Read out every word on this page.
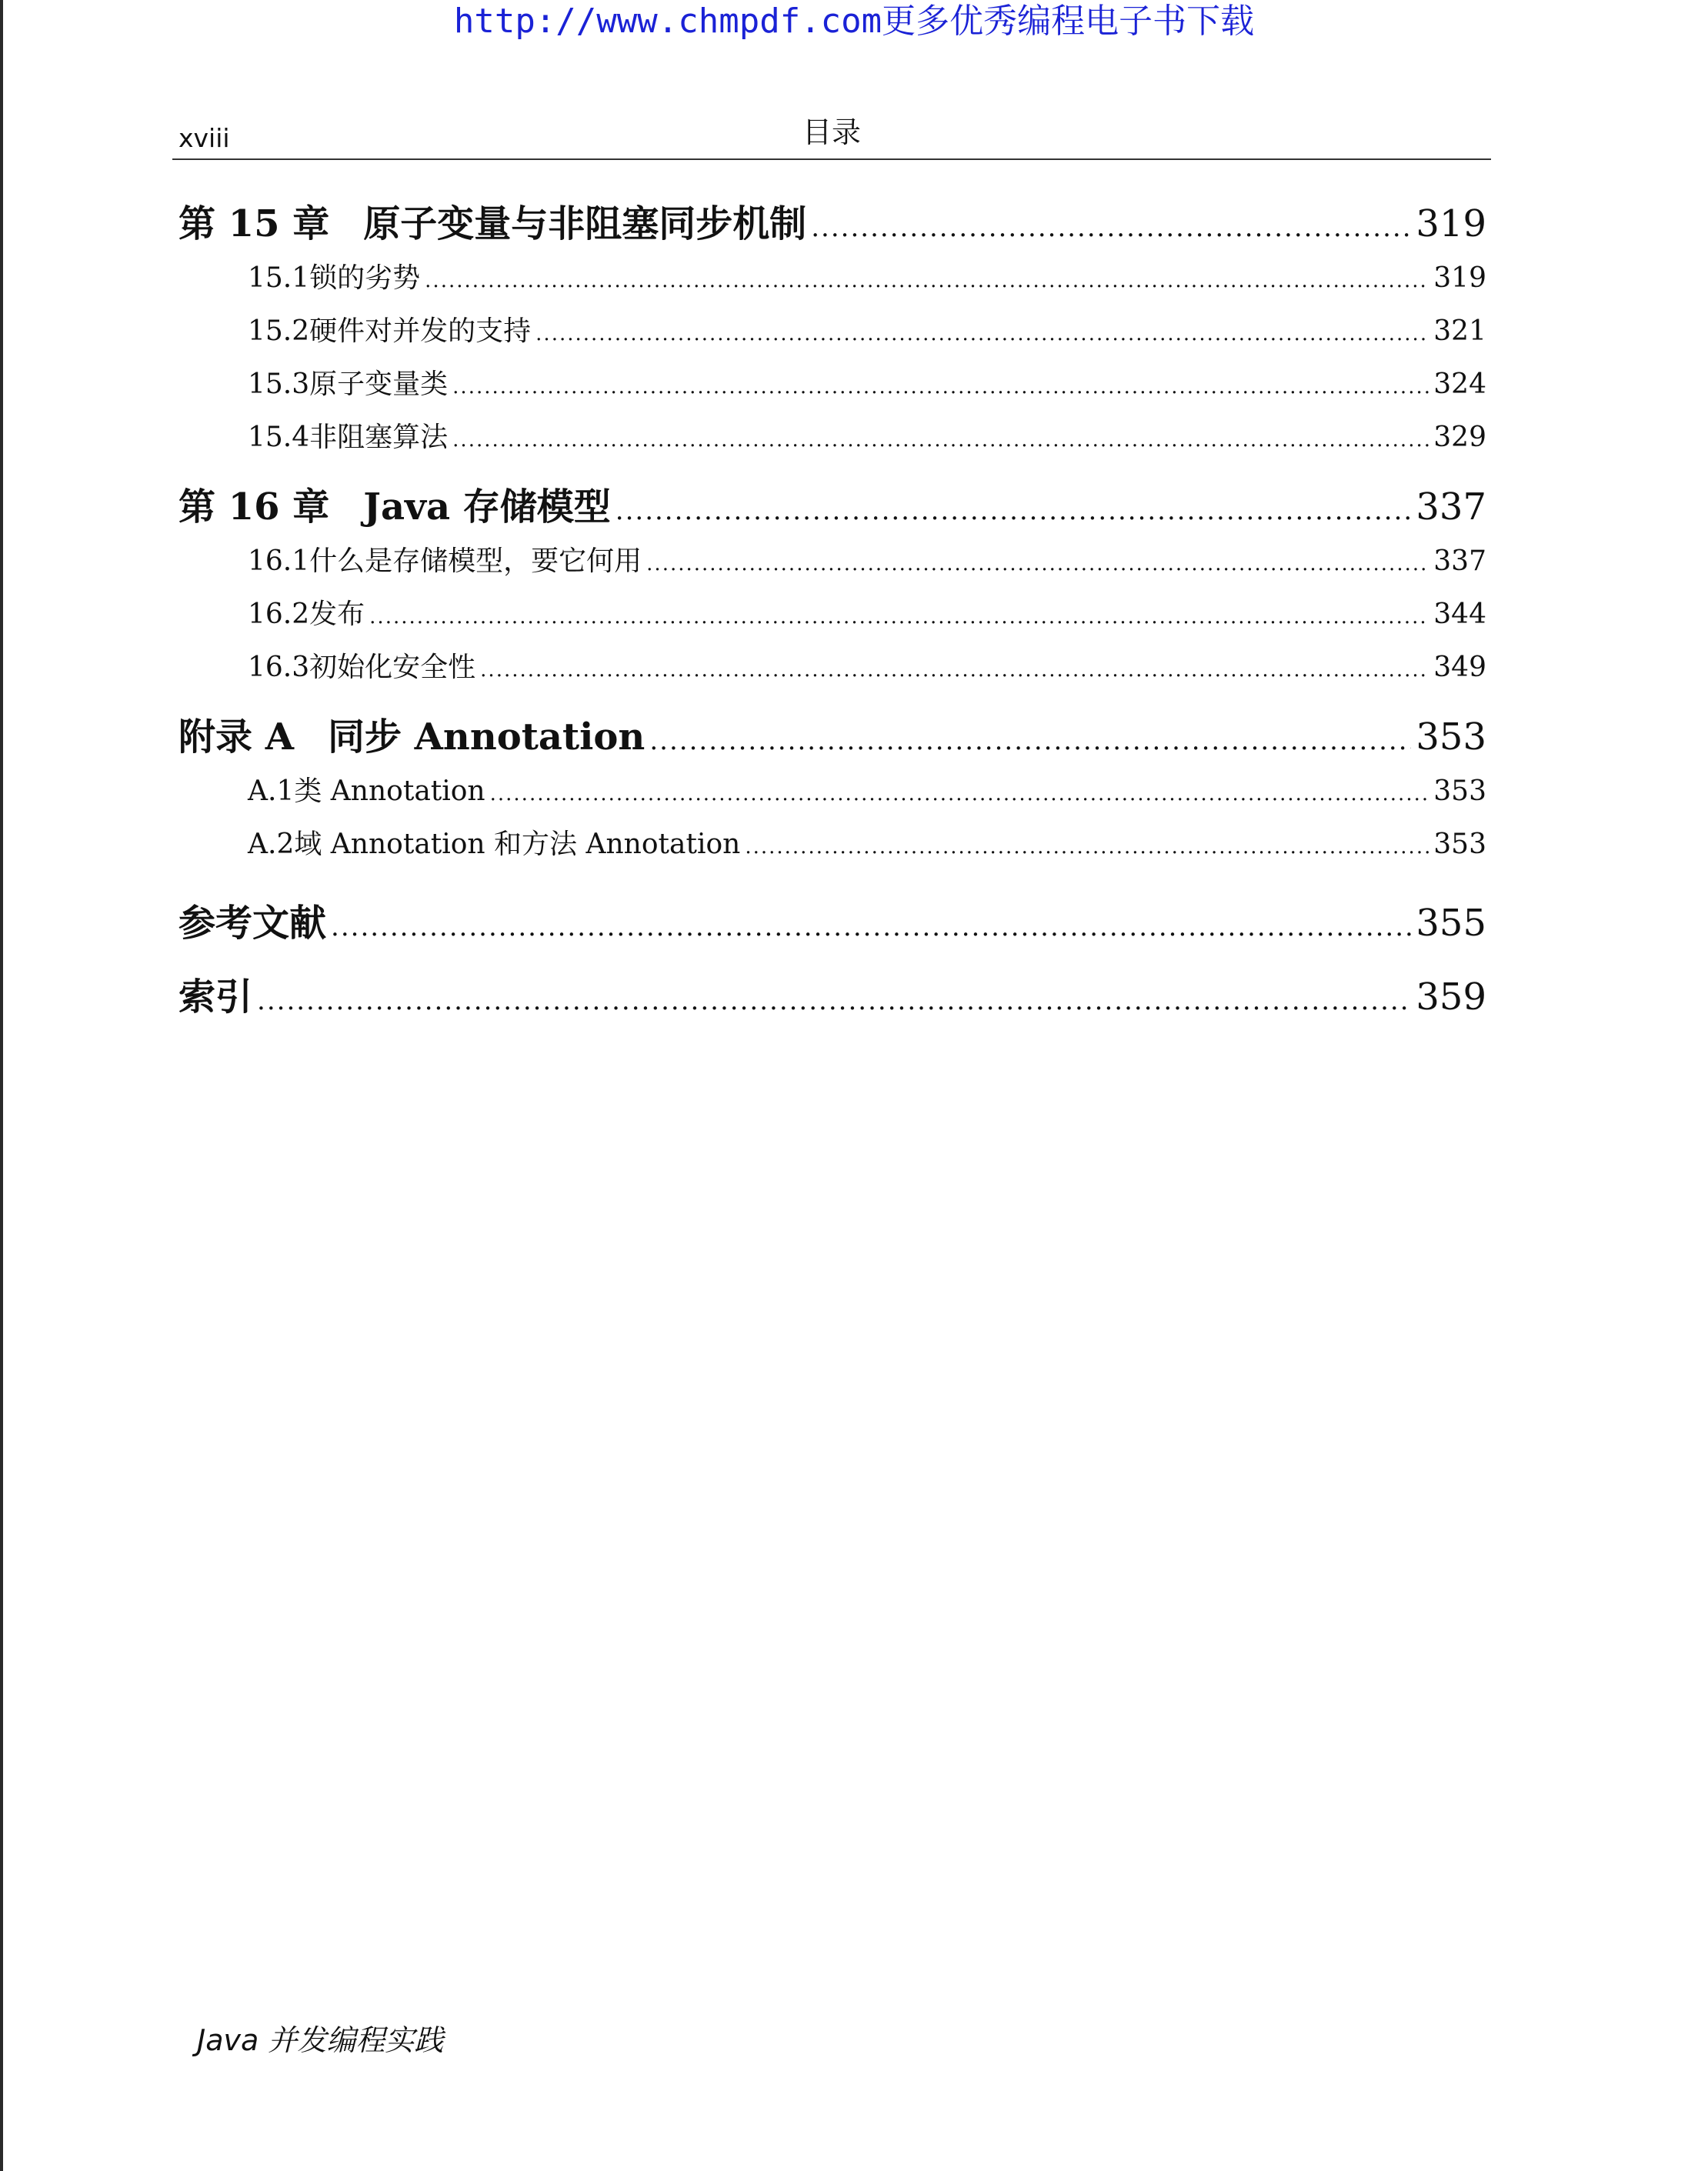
http://www.chmpdf.com更多优秀编程电子书下载
xviii	目录
第 15 章 原子变量与非阻塞同步机制 .....	319
15.1 锁的劣势 .....	319
15.2 硬件对并发的支持 .....	321
15.3 原子变量类 .....	324
15.4 非阻塞算法 .....	329
第 16 章 Java 存储模型 .....	337
16.1 什么是存储模型，要它何用 .....	337
16.2 发布 .....	344
16.3 初始化安全性 .....	349
附录 A 同步 Annotation .....	353
A.1 类 Annotation .....	353
A.2 域 Annotation 和方法 Annotation .....	353
参考文献 .....	355
索引 .....	359
Java 并发编程实践
